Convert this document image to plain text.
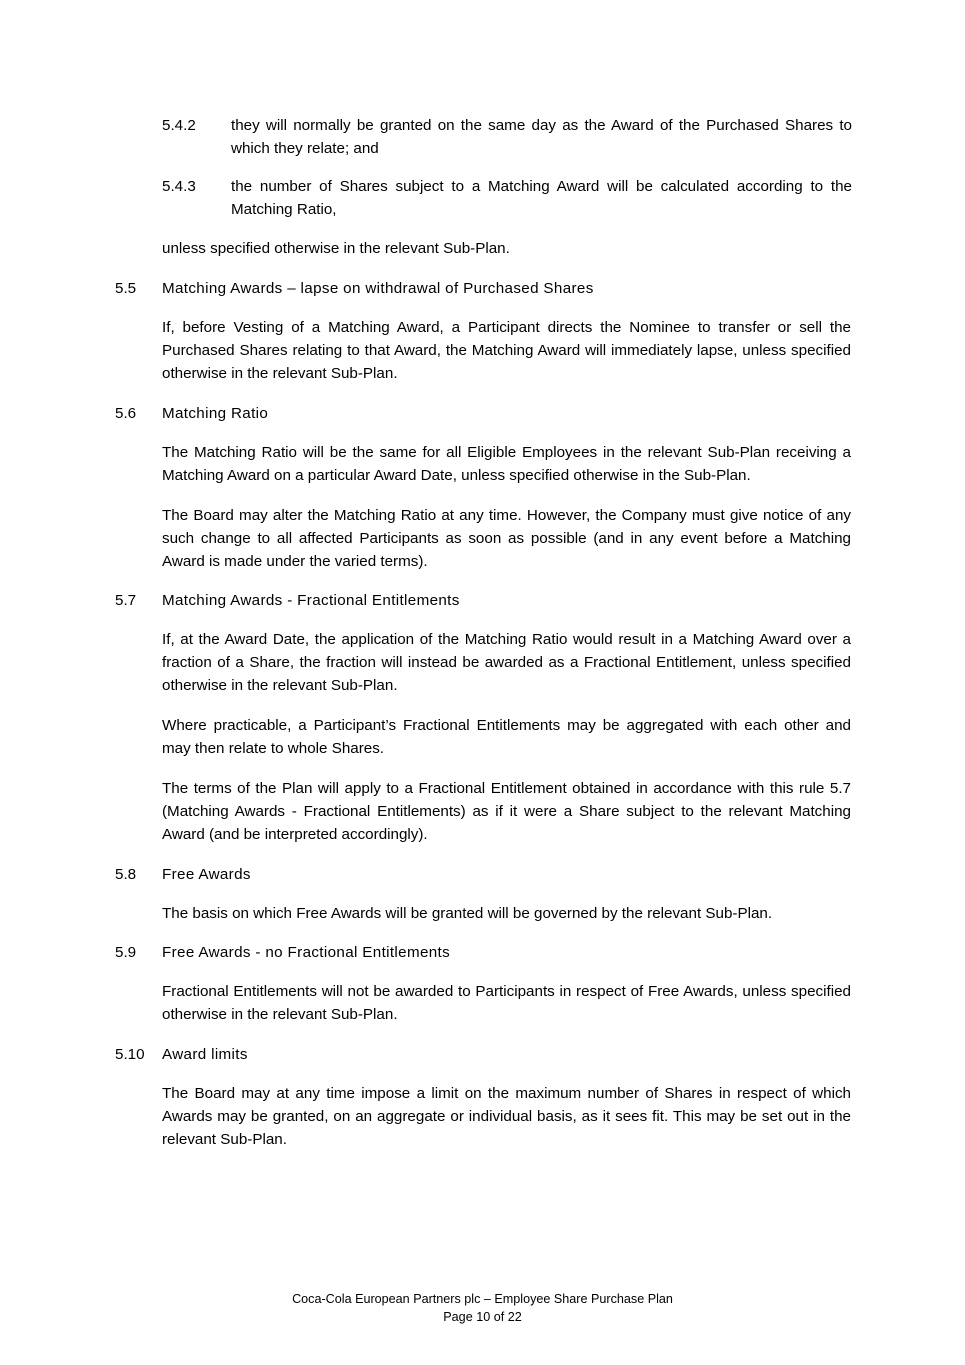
5.4.2 they will normally be granted on the same day as the Award of the Purchased Shares to which they relate; and
5.4.3 the number of Shares subject to a Matching Award will be calculated according to the Matching Ratio,
unless specified otherwise in the relevant Sub-Plan.
5.5 Matching Awards – lapse on withdrawal of Purchased Shares
If, before Vesting of a Matching Award, a Participant directs the Nominee to transfer or sell the Purchased Shares relating to that Award, the Matching Award will immediately lapse, unless specified otherwise in the relevant Sub-Plan.
5.6 Matching Ratio
The Matching Ratio will be the same for all Eligible Employees in the relevant Sub-Plan receiving a Matching Award on a particular Award Date, unless specified otherwise in the Sub-Plan.
The Board may alter the Matching Ratio at any time. However, the Company must give notice of any such change to all affected Participants as soon as possible (and in any event before a Matching Award is made under the varied terms).
5.7 Matching Awards - Fractional Entitlements
If, at the Award Date, the application of the Matching Ratio would result in a Matching Award over a fraction of a Share, the fraction will instead be awarded as a Fractional Entitlement, unless specified otherwise in the relevant Sub-Plan.
Where practicable, a Participant’s Fractional Entitlements may be aggregated with each other and may then relate to whole Shares.
The terms of the Plan will apply to a Fractional Entitlement obtained in accordance with this rule 5.7 (Matching Awards - Fractional Entitlements) as if it were a Share subject to the relevant Matching Award (and be interpreted accordingly).
5.8 Free Awards
The basis on which Free Awards will be granted will be governed by the relevant Sub-Plan.
5.9 Free Awards - no Fractional Entitlements
Fractional Entitlements will not be awarded to Participants in respect of Free Awards, unless specified otherwise in the relevant Sub-Plan.
5.10 Award limits
The Board may at any time impose a limit on the maximum number of Shares in respect of which Awards may be granted, on an aggregate or individual basis, as it sees fit. This may be set out in the relevant Sub-Plan.
Coca-Cola European Partners plc – Employee Share Purchase Plan
Page 10 of 22
